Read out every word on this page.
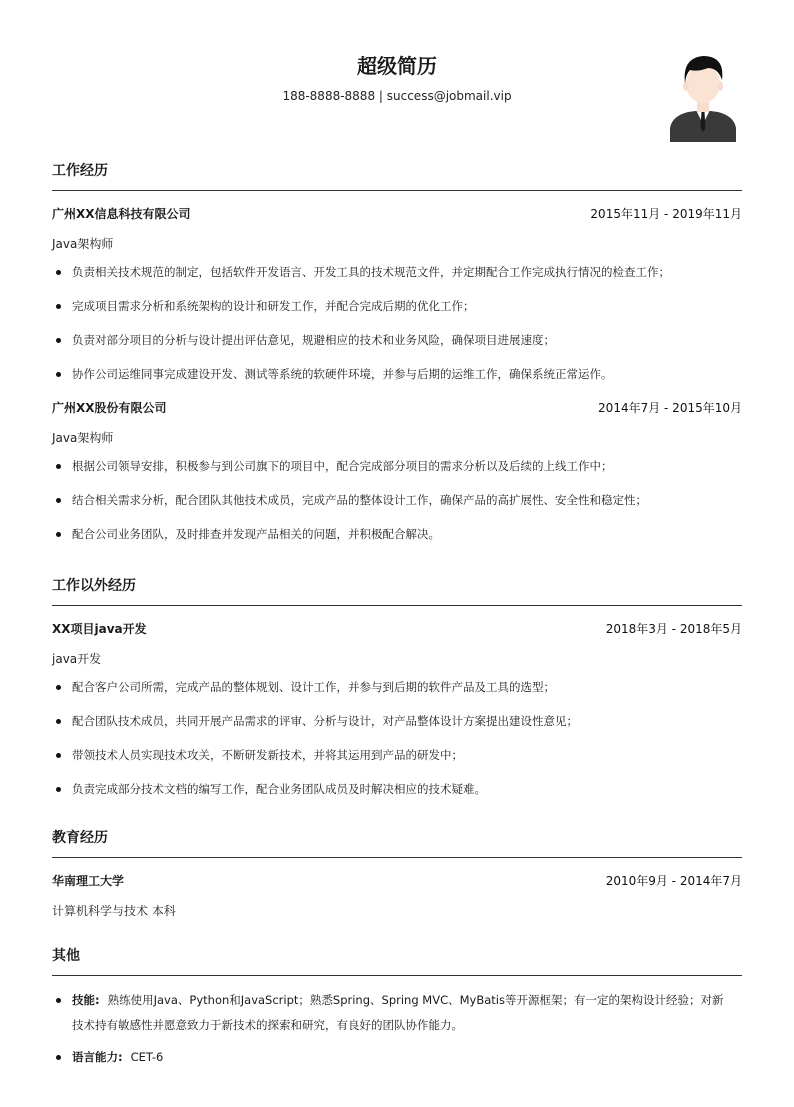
超级简历
188-8888-8888 | success@jobmail.vip
工作经历
广州XX信息科技有限公司	2015年11月 - 2019年11月
Java架构师
负责相关技术规范的制定，包括软件开发语言、开发工具的技术规范文件，并定期配合工作完成执行情况的检查工作；
完成项目需求分析和系统架构的设计和研发工作，并配合完成后期的优化工作；
负责对部分项目的分析与设计提出评估意见，规避相应的技术和业务风险，确保项目进展速度；
协作公司运维同事完成建设开发、测试等系统的软硬件环境，并参与后期的运维工作，确保系统正常运作。
广州XX股份有限公司	2014年7月 - 2015年10月
Java架构师
根据公司领导安排，积极参与到公司旗下的项目中，配合完成部分项目的需求分析以及后续的上线工作中；
结合相关需求分析，配合团队其他技术成员，完成产品的整体设计工作，确保产品的高扩展性、安全性和稳定性；
配合公司业务团队，及时排查并发现产品相关的问题，并积极配合解决。
工作以外经历
XX项目java开发	2018年3月 - 2018年5月
java开发
配合客户公司所需，完成产品的整体规划、设计工作，并参与到后期的软件产品及工具的选型；
配合团队技术成员，共同开展产品需求的评审、分析与设计，对产品整体设计方案提出建设性意见；
带领技术人员实现技术攻关，不断研发新技术，并将其运用到产品的研发中；
负责完成部分技术文档的编写工作，配合业务团队成员及时解决相应的技术疑难。
教育经历
华南理工大学	2010年9月 - 2014年7月
计算机科学与技术 本科
其他
技能: 熟练使用Java、Python和JavaScript；熟悉Spring、Spring MVC、MyBatis等开源框架；有一定的架构设计经验；对新
技术持有敏感性并愿意致力于新技术的探索和研究，有良好的团队协作能力。
语言能力: CET-6
